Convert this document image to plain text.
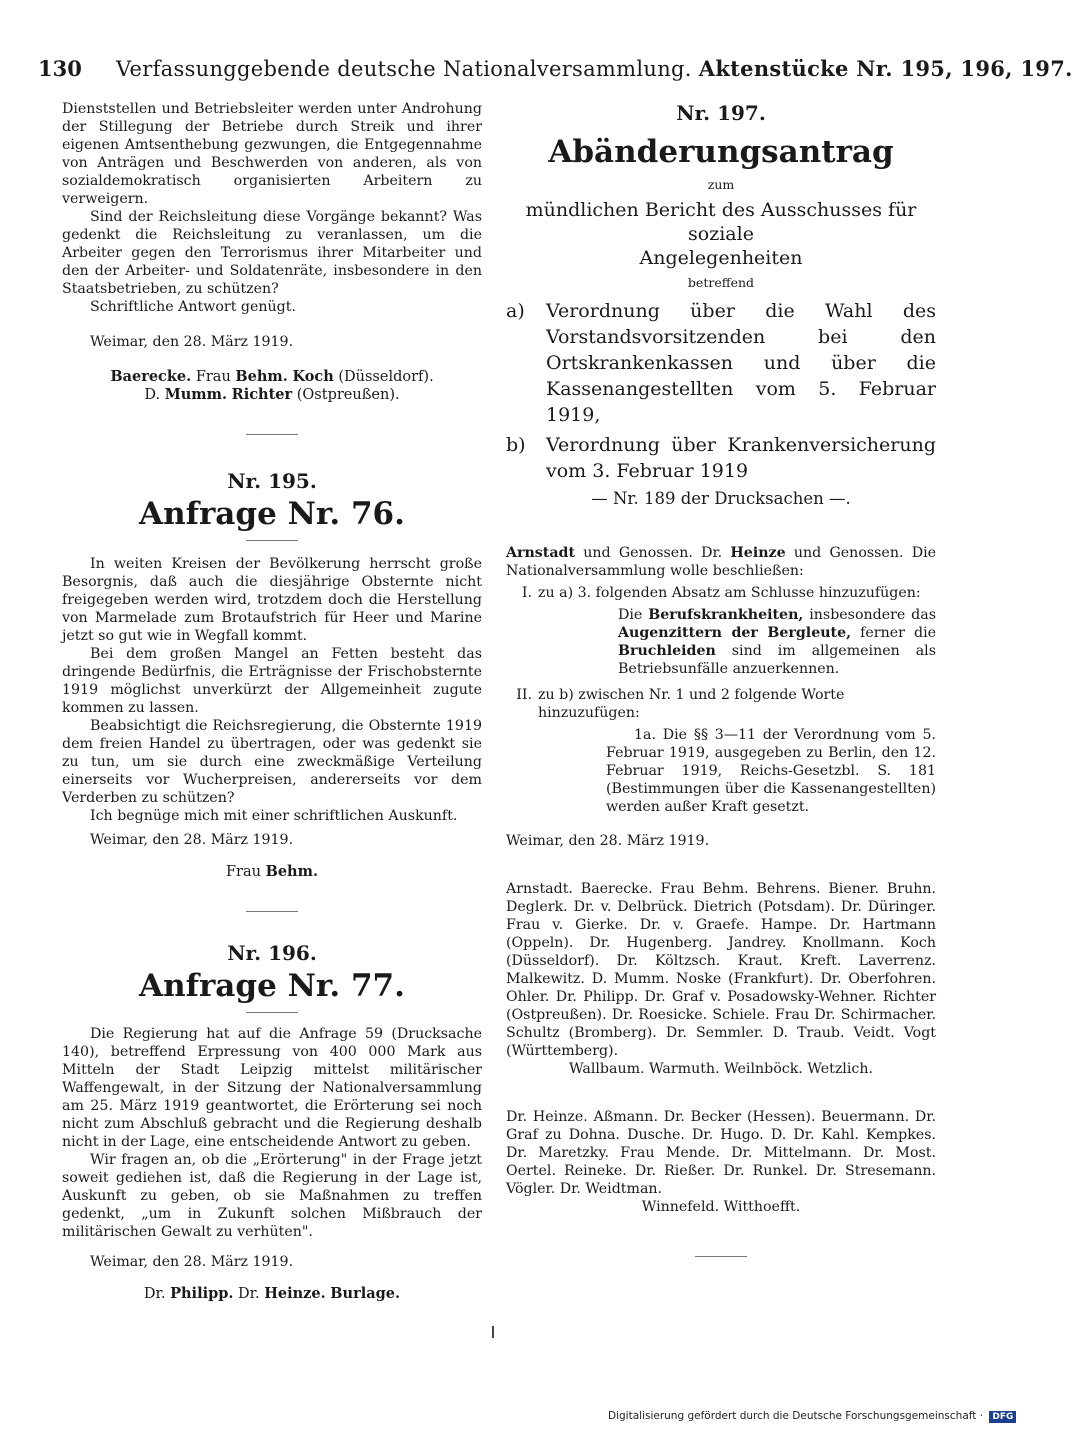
130 Verfassunggebende deutsche Nationalversammlung. Aktenstücke Nr. 195, 196, 197.

Dienststellen und Betriebsleiter werden unter Androhung der Stillegung der Betriebe durch Streik und ihrer eigenen Amtsenthebung gezwungen, die Entgegennahme von Anträgen und Beschwerden von anderen, als von sozialdemokratisch organisierten Arbeitern zu verweigern.

Sind der Reichsleitung diese Vorgänge bekannt? Was gedenkt die Reichsleitung zu veranlassen, um die Arbeiter gegen den Terrorismus ihrer Mitarbeiter und den der Arbeiter- und Soldatenräte, insbesondere in den Staatsbetrieben, zu schützen?

Schriftliche Antwort genügt.

Weimar, den 28. März 1919.

Baerecke. Frau Behm. Koch (Düsseldorf).
D. Mumm. Richter (Ostpreußen).
Nr. 195.
Anfrage Nr. 76.

In weiten Kreisen der Bevölkerung herrscht große Besorgnis, daß auch die diesjährige Obsternte nicht freigegeben werden wird, trotzdem doch die Herstellung von Marmelade zum Brotaufstrich für Heer und Marine jetzt so gut wie in Wegfall kommt.

Bei dem großen Mangel an Fetten besteht das dringende Bedürfnis, die Erträgnisse der Frischobsternte 1919 möglichst unverkürzt der Allgemeinheit zugute kommen zu lassen.

Beabsichtigt die Reichsregierung, die Obsternte 1919 dem freien Handel zu übertragen, oder was gedenkt sie zu tun, um sie durch eine zweckmäßige Verteilung einerseits vor Wucherpreisen, andererseits vor dem Verderben zu schützen?

Ich begnüge mich mit einer schriftlichen Auskunft.

Weimar, den 28. März 1919.

Frau Behm.
Nr. 196.
Anfrage Nr. 77.

Die Regierung hat auf die Anfrage 59 (Drucksache 140), betreffend Erpressung von 400 000 Mark aus Mitteln der Stadt Leipzig mittelst militärischer Waffengewalt, in der Sitzung der Nationalversammlung am 25. März 1919 geantwortet, die Erörterung sei noch nicht zum Abschluß gebracht und die Regierung deshalb nicht in der Lage, eine entscheidende Antwort zu geben.

Wir fragen an, ob die „Erörterung" in der Frage jetzt soweit gediehen ist, daß die Regierung in der Lage ist, Auskunft zu geben, ob sie Maßnahmen zu treffen gedenkt, „um in Zukunft solchen Mißbrauch der militärischen Gewalt zu verhüten".

Weimar, den 28. März 1919.

Dr. Philipp. Dr. Heinze. Burlage.
Nr. 197.
Abänderungsantrag
zum
mündlichen Bericht des Ausschusses für soziale
Angelegenheiten
betreffend
a)	Verordnung über die Wahl des Vorstandsvorsitzenden bei den Ortskrankenkassen und über die Kassenangestellten vom 5. Februar 1919,
b)	Verordnung über Krankenversicherung vom 3. Februar 1919
— Nr. 189 der Drucksachen —.

Arnstadt und Genossen. Dr. Heinze und Genossen. Die Nationalversammlung wolle beschließen:

I. zu a) 3. folgenden Absatz am Schlusse hinzuzufügen:

Die Berufskrankheiten, insbesondere das Augenzittern der Bergleute, ferner die Bruchleiden sind im allgemeinen als Betriebsunfälle anzuerkennen.

II. zu b) zwischen Nr. 1 und 2 folgende Worte hinzuzufügen:

1a. Die §§ 3—11 der Verordnung vom 5. Februar 1919, ausgegeben zu Berlin, den 12. Februar 1919, Reichs-Gesetzbl. S. 181 (Bestimmungen über die Kassenangestellten) werden außer Kraft gesetzt.

Weimar, den 28. März 1919.

Arnstadt. Baerecke. Frau Behm. Behrens. Biener. Bruhn. Deglerk. Dr. v. Delbrück. Dietrich (Potsdam). Dr. Düringer. Frau v. Gierke. Dr. v. Graefe. Hampe. Dr. Hartmann (Oppeln). Dr. Hugenberg. Jandrey. Knollmann. Koch (Düsseldorf). Dr. Költzsch. Kraut. Kreft. Laverrenz. Malkewitz. D. Mumm. Noske (Frankfurt). Dr. Oberfohren. Ohler. Dr. Philipp. Dr. Graf v. Posadowsky-Wehner. Richter (Ostpreußen). Dr. Roesicke. Schiele. Frau Dr. Schirmacher. Schultz (Bromberg). Dr. Semmler. D. Traub. Veidt. Vogt (Württemberg).

Wallbaum. Warmuth. Weilnböck. Wetzlich.

Dr. Heinze. Aßmann. Dr. Becker (Hessen). Beuermann. Dr. Graf zu Dohna. Dusche. Dr. Hugo. D. Dr. Kahl. Kempkes. Dr. Maretzky. Frau Mende. Dr. Mittelmann. Dr. Most. Oertel. Reineke. Dr. Rießer. Dr. Runkel. Dr. Stresemann. Vögler. Dr. Weidtman.

Winnefeld. Witthoefft.
Digitalisierung gefördert durch die Deutsche Forschungsgemeinschaft · DFG
